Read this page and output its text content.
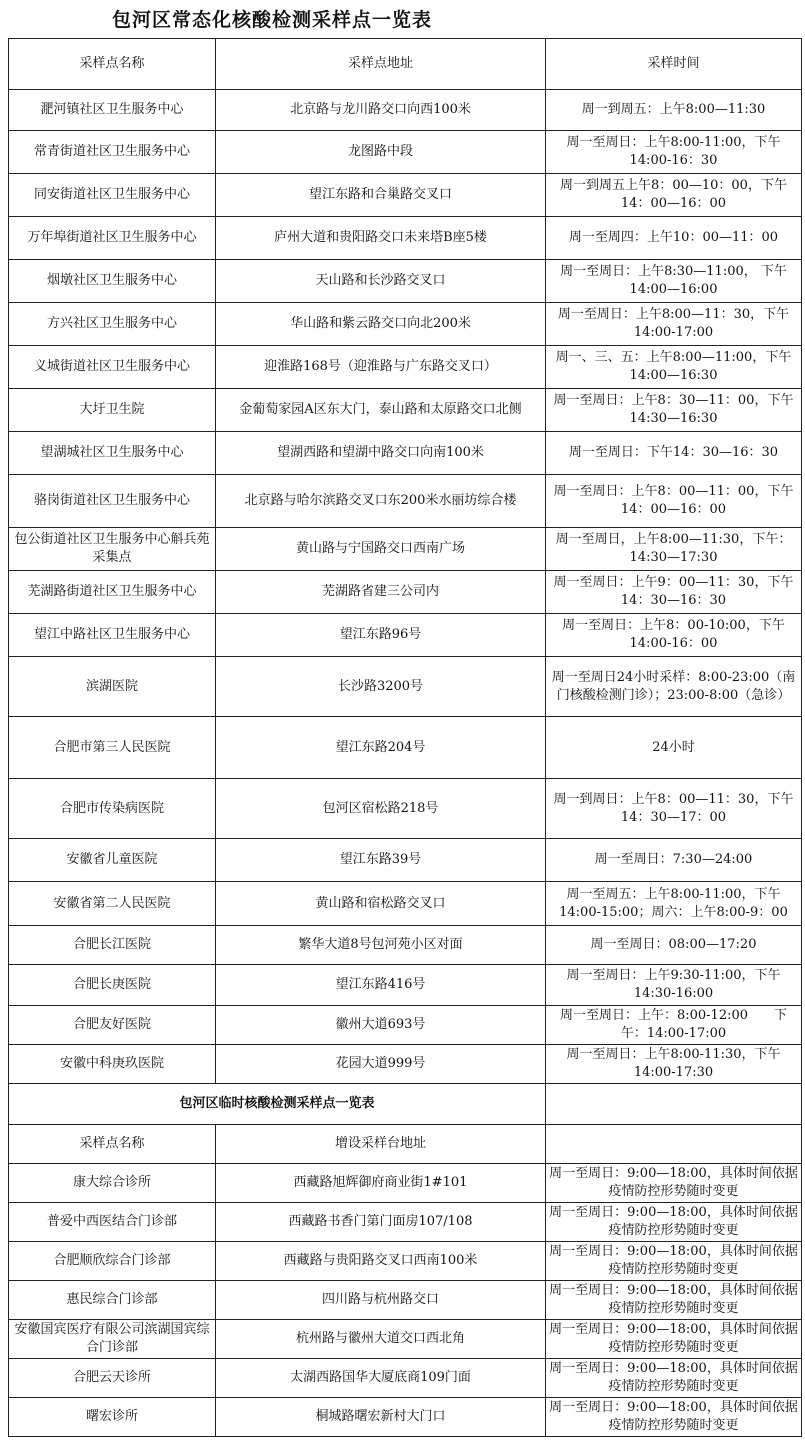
包河区常态化核酸检测采样点一览表
采样点名称	采样点地址	采样时间
淝河镇社区卫生服务中心	北京路与龙川路交口向西100米	周一到周五：上午8:00—11:30
常青街道社区卫生服务中心	龙图路中段	周一至周日：上午8:00-11:00，下午14:00-16：30
同安街道社区卫生服务中心	望江东路和合巢路交叉口	周一到周五上午8：00—10：00，下午14：00—16：00
万年埠街道社区卫生服务中心	庐州大道和贵阳路交口未来塔B座5楼	周一至周四：上午10：00—11：00
烟墩社区卫生服务中心	天山路和长沙路交叉口	周一至周日：上午8:30—11:00， 下午14:00—16:00
方兴社区卫生服务中心	华山路和紫云路交口向北200米	周一至周日：上午8:00—11：30，下午14:00-17:00
义城街道社区卫生服务中心	迎淮路168号（迎淮路与广东路交叉口）	周一、三、五：上午8:00—11:00，下午14:00—16:30
大圩卫生院	金葡萄家园A区东大门，泰山路和太原路交口北侧	周一至周日：上午8：30—11：00，下午14:30—16:30
望湖城社区卫生服务中心	望湖西路和望湖中路交口向南100米	周一至周日：下午14：30—16：30
骆岗街道社区卫生服务中心	北京路与哈尔滨路交叉口东200米水丽坊综合楼	周一至周日：上午8：00—11：00，下午14：00—16：00
包公街道社区卫生服务中心斛兵苑采集点	黄山路与宁国路交口西南广场	周一至周日，上午8:00—11:30，下午：14:30—17:30
芜湖路街道社区卫生服务中心	芜湖路省建三公司内	周一至周日：上午9：00—11：30，下午14：30—16：30
望江中路社区卫生服务中心	望江东路96号	周一至周日：上午8：00-10:00，下午14:00-16：00
滨湖医院	长沙路3200号	周一至周日24小时采样：8:00-23:00（南门核酸检测门诊）；23:00-8:00（急诊）
合肥市第三人民医院	望江东路204号	24小时
合肥市传染病医院	包河区宿松路218号	周一到周日：上午8：00—11：30，下午14：30—17：00
安徽省儿童医院	望江东路39号	周一至周日：7:30—24:00
安徽省第二人民医院	黄山路和宿松路交叉口	周一至周五：上午8:00-11:00，下午14:00-15:00；周六：上午8:00-9：00
合肥长江医院	繁华大道8号包河苑小区对面	周一至周日：08:00—17:20
合肥长庚医院	望江东路416号	周一至周日：上午9:30-11:00，下午14:30-16:00
合肥友好医院	徽州大道693号	周一至周日：上午：8:00-12:00　　下午：14:00-17:00
安徽中科庚玖医院	花园大道999号	周一至周日：上午8:00-11:30，下午14:00-17:30
包河区临时核酸检测采样点一览表		
采样点名称	增设采样台地址	
康大综合诊所	西藏路旭辉御府商业街1#101	周一至周日：9:00—18:00，具体时间依据疫情防控形势随时变更
普爱中西医结合门诊部	西藏路书香门第门面房107/108	周一至周日：9:00—18:00，具体时间依据疫情防控形势随时变更
合肥顺欣综合门诊部	西藏路与贵阳路交叉口西南100米	周一至周日：9:00—18:00，具体时间依据疫情防控形势随时变更
惠民综合门诊部	四川路与杭州路交口	周一至周日：9:00—18:00，具体时间依据疫情防控形势随时变更
安徽国宾医疗有限公司滨湖国宾综合门诊部	杭州路与徽州大道交口西北角	周一至周日：9:00—18:00，具体时间依据疫情防控形势随时变更
合肥云天诊所	太湖西路国华大厦底商109门面	周一至周日：9:00—18:00，具体时间依据疫情防控形势随时变更
曙宏诊所	桐城路曙宏新村大门口	周一至周日：9:00—18:00，具体时间依据疫情防控形势随时变更
